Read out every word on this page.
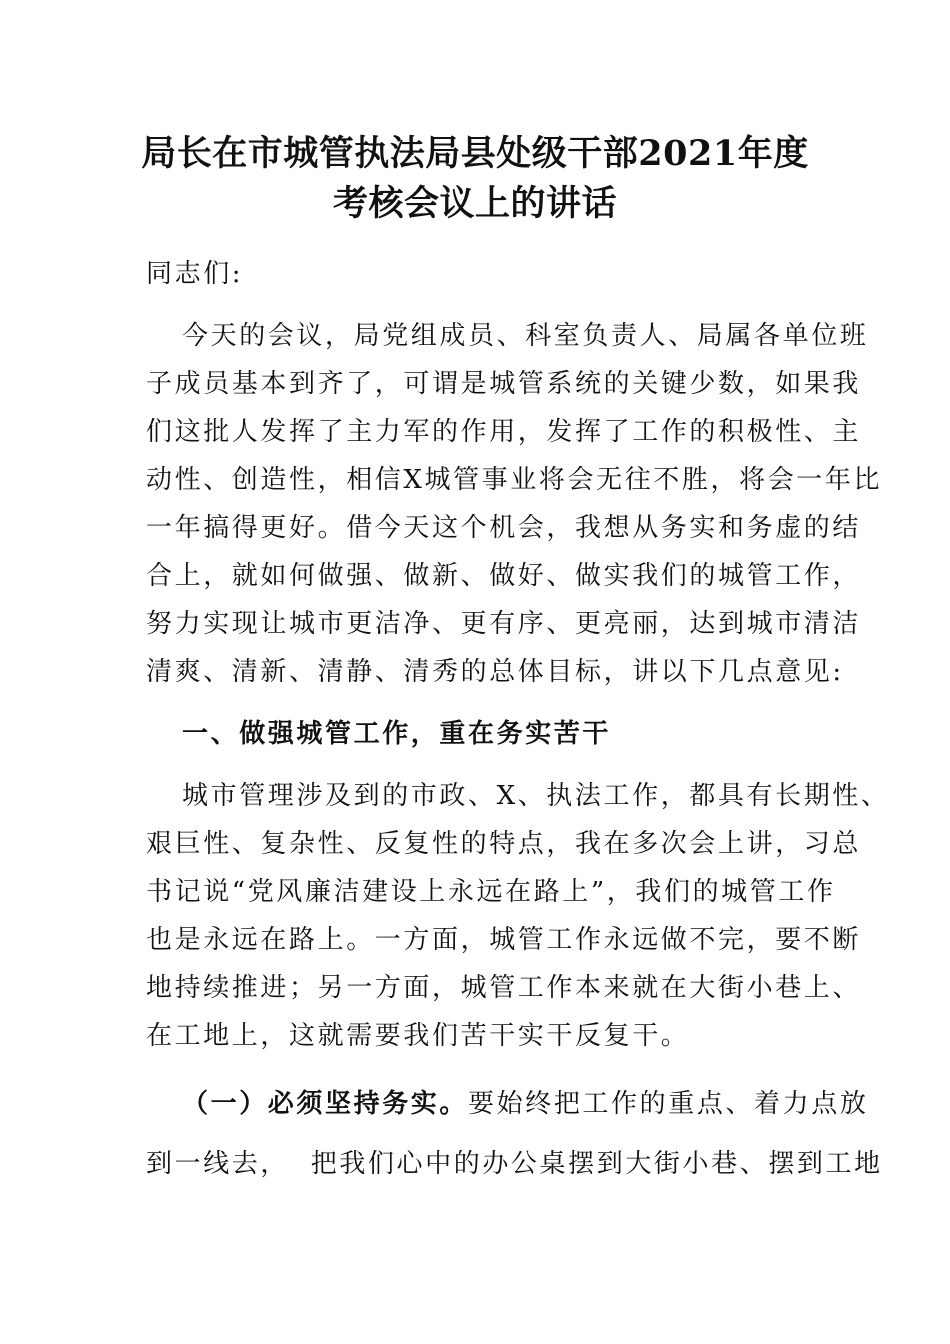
局长在市城管执法局县处级干部2021年度
考核会议上的讲话
同志们:
今天的会议，局党组成员、科室负责人、局属各单位班
子成员基本到齐了，可谓是城管系统的关键少数，如果我
们这批人发挥了主力军的作用，发挥了工作的积极性、主
动性、创造性，相信X城管事业将会无往不胜，将会一年比
一年搞得更好。借今天这个机会，我想从务实和务虚的结
合上，就如何做强、做新、做好、做实我们的城管工作，
努力实现让城市更洁净、更有序、更亮丽，达到城市清洁
清爽、清新、清静、清秀的总体目标，讲以下几点意见:
一、做强城管工作，重在务实苦干
城市管理涉及到的市政、X、执法工作，都具有长期性、
艰巨性、复杂性、反复性的特点，我在多次会上讲，习总
书记说“党风廉洁建设上永远在路上”，我们的城管工作
也是永远在路上。一方面，城管工作永远做不完，要不断
地持续推进；另一方面，城管工作本来就在大街小巷上、
在工地上，这就需要我们苦干实干反复干。
（一）必须坚持务实。要始终把工作的重点、着力点放
到一线去，  把我们心中的办公桌摆到大街小巷、摆到工地
